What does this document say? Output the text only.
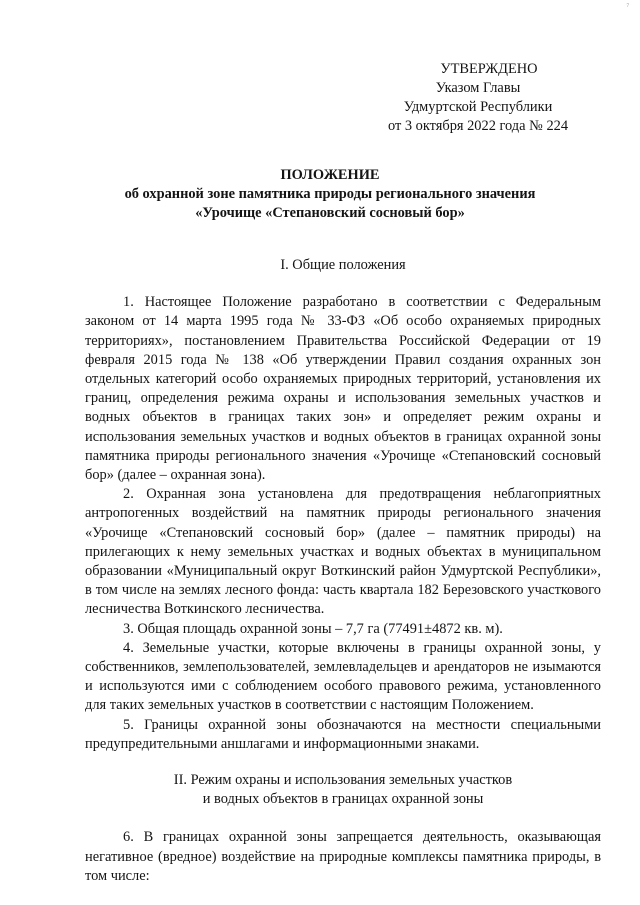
7
УТВЕРЖДЕНО
Указом Главы
Удмуртской Республики
от 3 октября 2022 года № 224
ПОЛОЖЕНИЕ
об охранной зоне памятника природы регионального значения
«Урочище «Степановский сосновый бор»

I. Общие положения

1. Настоящее Положение разработано в соответствии с Федеральным законом от 14 марта 1995 года № 33-ФЗ «Об особо охраняемых природных территориях», постановлением Правительства Российской Федерации от 19 февраля 2015 года № 138 «Об утверждении Правил создания охранных зон отдельных категорий особо охраняемых природных территорий, установления их границ, определения режима охраны и использования земельных участков и водных объектов в границах таких зон» и определяет режим охраны и использования земельных участков и водных объектов в границах охранной зоны памятника природы регионального значения «Урочище «Степановский сосновый бор» (далее – охранная зона).

2. Охранная зона установлена для предотвращения неблагоприятных антропогенных воздействий на памятник природы регионального значения «Урочище «Степановский сосновый бор» (далее – памятник природы) на прилегающих к нему земельных участках и водных объектах в муниципальном образовании «Муниципальный округ Воткинский район Удмуртской Республики», в том числе на землях лесного фонда: часть квартала 182 Березовского участкового лесничества Воткинского лесничества.

3. Общая площадь охранной зоны – 7,7 га (77491±4872 кв. м).

4. Земельные участки, которые включены в границы охранной зоны, у собственников, землепользователей, землевладельцев и арендаторов не изымаются и используются ими с соблюдением особого правового режима, установленного для таких земельных участков в соответствии с настоящим Положением.

5. Границы охранной зоны обозначаются на местности специальными предупредительными аншлагами и информационными знаками.

II. Режим охраны и использования земельных участков
и водных объектов в границах охранной зоны

6. В границах охранной зоны запрещается деятельность, оказывающая негативное (вредное) воздействие на природные комплексы памятника природы, в том числе:
